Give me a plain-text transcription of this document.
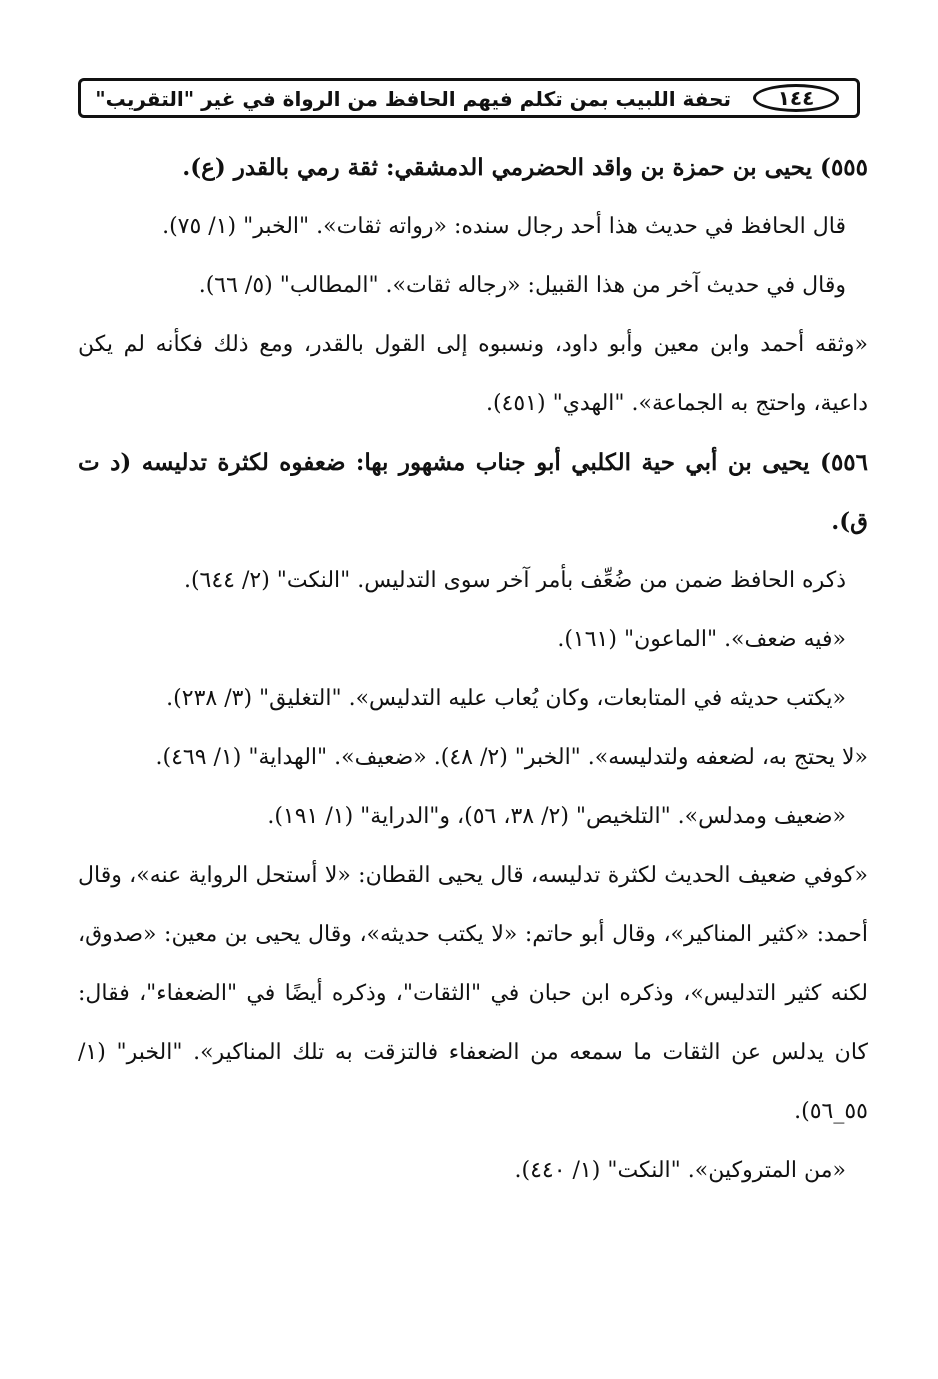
١٤٤
تحفة اللبيب بمن تكلم فيهم الحافظ من الرواة في غير "التقريب"

٥٥٥) يحيى بن حمزة بن واقد الحضرمي الدمشقي: ثقة رمي بالقدر (ع).

قال الحافظ في حديث هذا أحد رجال سنده: «رواته ثقات». "الخبر" (١/ ٧٥).

وقال في حديث آخر من هذا القبيل: «رجاله ثقات». "المطالب" (٥/ ٦٦).

«وثقه أحمد وابن معين وأبو داود، ونسبوه إلى القول بالقدر، ومع ذلك فكأنه لم يكن داعية، واحتج به الجماعة». "الهدي" (٤٥١).

٥٥٦) يحيى بن أبي حية الكلبي أبو جناب مشهور بها: ضعفوه لكثرة تدليسه (د ت ق).

ذكره الحافظ ضمن من ضُعِّف بأمر آخر سوى التدليس. "النكت" (٢/ ٦٤٤).

«فيه ضعف». "الماعون" (١٦١).

«يكتب حديثه في المتابعات، وكان يُعاب عليه التدليس». "التغليق" (٣/ ٢٣٨).

«لا يحتج به، لضعفه ولتدليسه». "الخبر" (٢/ ٤٨). «ضعيف». "الهداية" (١/ ٤٦٩).

«ضعيف ومدلس». "التلخيص" (٢/ ٣٨، ٥٦)، و"الدراية" (١/ ١٩١).

«كوفي ضعيف الحديث لكثرة تدليسه، قال يحيى القطان: «لا أستحل الرواية عنه»، وقال أحمد: «كثير المناكير»، وقال أبو حاتم: «لا يكتب حديثه»، وقال يحيى بن معين: «صدوق، لكنه كثير التدليس»، وذكره ابن حبان في "الثقات"، وذكره أيضًا في "الضعفاء"، فقال: كان يدلس عن الثقات ما سمعه من الضعفاء فالتزقت به تلك المناكير». "الخبر" (١/ ٥٥_٥٦).

«من المتروكين». "النكت" (١/ ٤٤٠).
